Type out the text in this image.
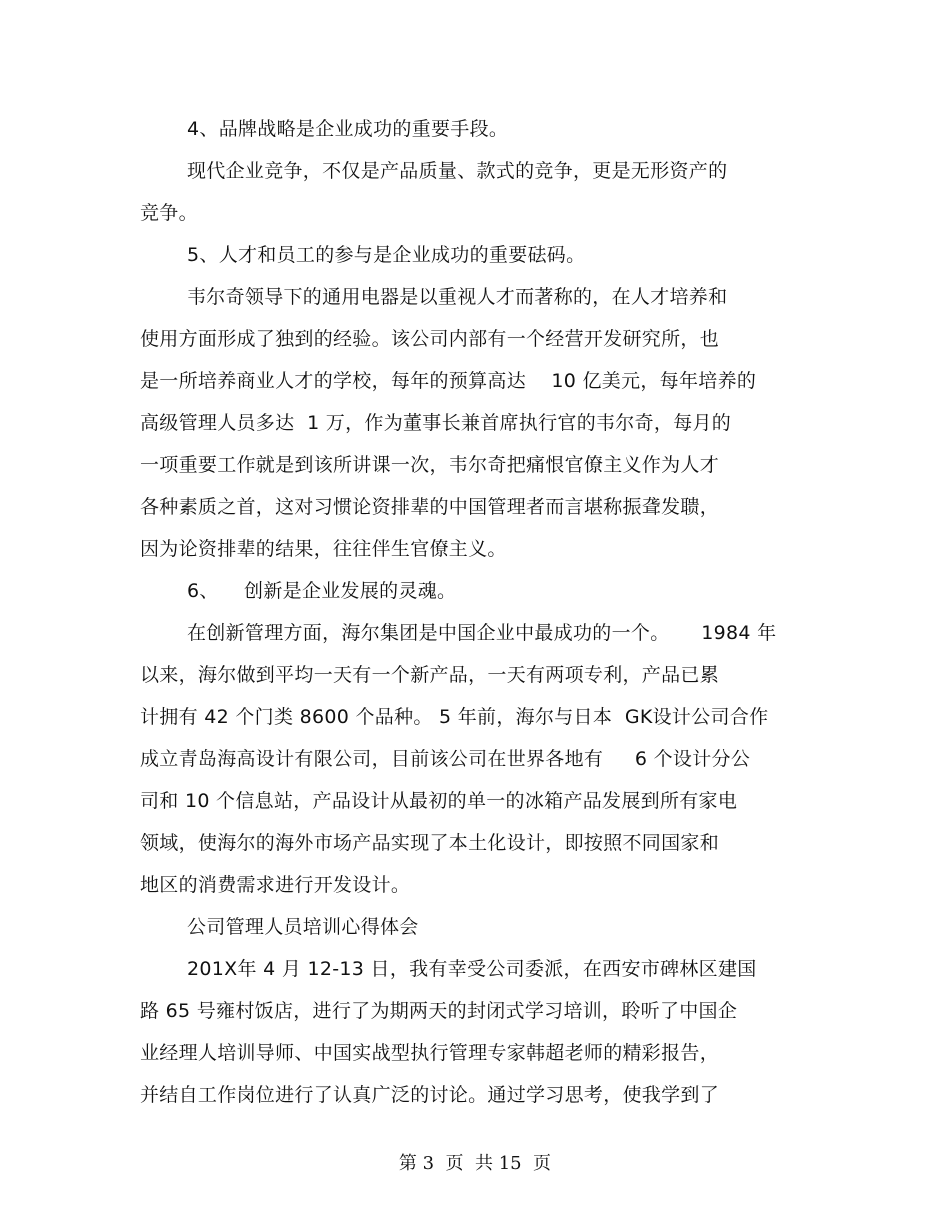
4、品牌战略是企业成功的重要手段。
现代企业竞争，不仅是产品质量、款式的竞争，更是无形资产的
竞争。
5、人才和员工的参与是企业成功的重要砝码。
韦尔奇领导下的通用电器是以重视人才而著称的，在人才培养和
使用方面形成了独到的经验。该公司内部有一个经营开发研究所，也
是一所培养商业人才的学校，每年的预算高达    10 亿美元，每年培养的
高级管理人员多达  1 万，作为董事长兼首席执行官的韦尔奇，每月的
一项重要工作就是到该所讲课一次，韦尔奇把痛恨官僚主义作为人才
各种素质之首，这对习惯论资排辈的中国管理者而言堪称振聋发聩，
因为论资排辈的结果，往往伴生官僚主义。
6、    创新是企业发展的灵魂。
在创新管理方面，海尔集团是中国企业中最成功的一个。     1984 年
以来，海尔做到平均一天有一个新产品，一天有两项专利，产品已累
计拥有 42 个门类 8600 个品种。 5 年前，海尔与日本  GK设计公司合作
成立青岛海高设计有限公司，目前该公司在世界各地有     6 个设计分公
司和 10 个信息站，产品设计从最初的单一的冰箱产品发展到所有家电
领域，使海尔的海外市场产品实现了本土化设计，即按照不同国家和
地区的消费需求进行开发设计。
公司管理人员培训心得体会
201X年 4 月 12-13 日，我有幸受公司委派，在西安市碑林区建国
路 65 号雍村饭店，进行了为期两天的封闭式学习培训，聆听了中国企
业经理人培训导师、中国实战型执行管理专家韩超老师的精彩报告，
并结自工作岗位进行了认真广泛的讨论。通过学习思考，使我学到了
第 3  页  共 15  页
